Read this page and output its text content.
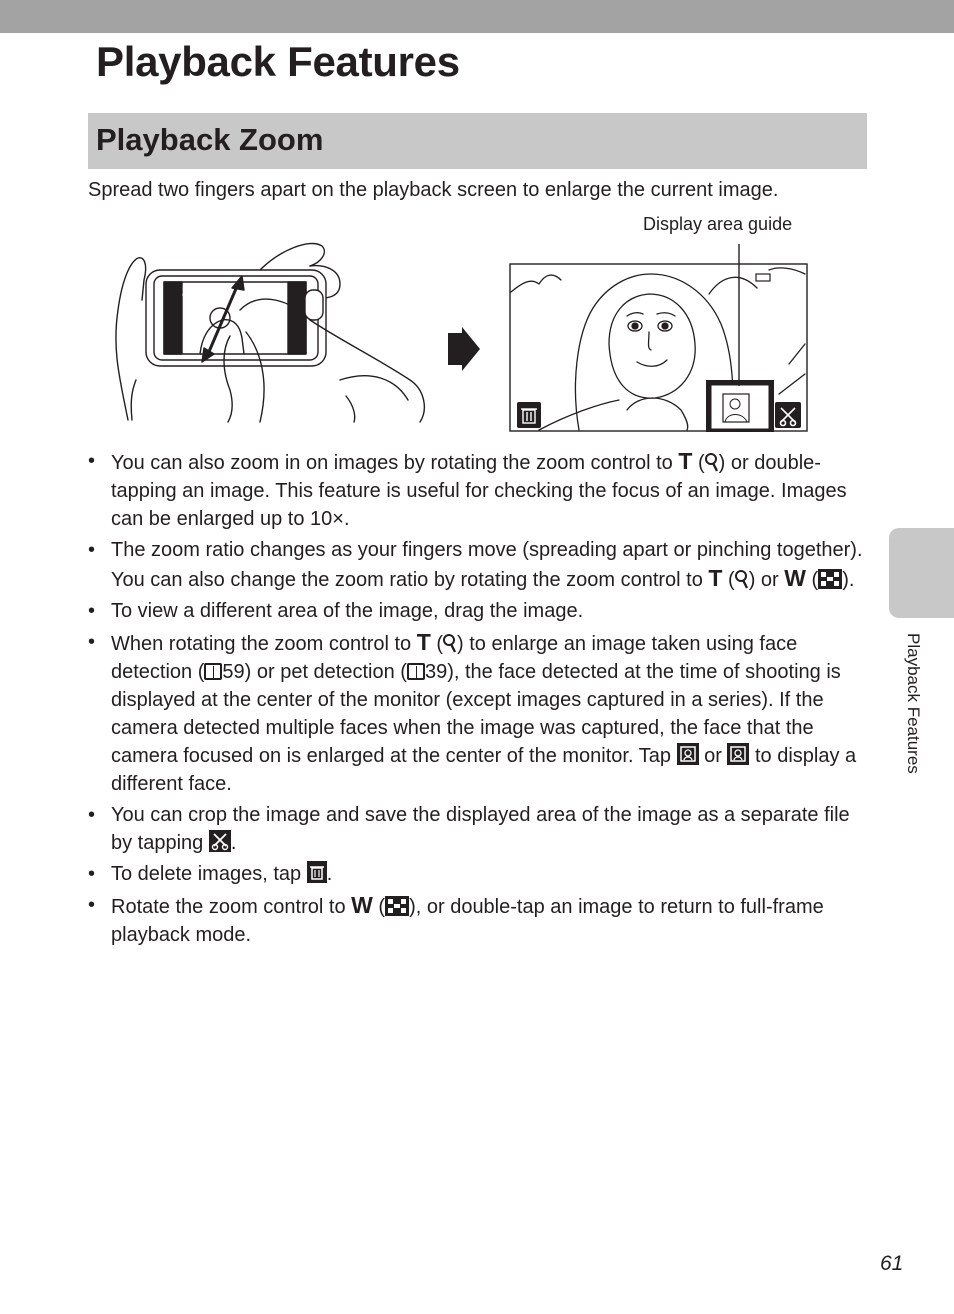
Playback Features
Playback Zoom

Spread two fingers apart on the playback screen to enlarge the current image.

Display area guide
15/11/2012 15:30
0004.JPG
• You can also zoom in on images by rotating the zoom control to T ( ) or double-tapping an image. This feature is useful for checking the focus of an image. Images can be enlarged up to 10×.
• The zoom ratio changes as your fingers move (spreading apart or pinching together). You can also change the zoom ratio by rotating the zoom control to T ( ) or W ( ).
• To view a different area of the image, drag the image.
• When rotating the zoom control to T ( ) to enlarge an image taken using face detection ( 59) or pet detection ( 39), the face detected at the time of shooting is displayed at the center of the monitor (except images captured in a series). If the camera detected multiple faces when the image was captured, the face that the camera focused on is enlarged at the center of the monitor. Tap  or  to display a different face.
• You can crop the image and save the displayed area of the image as a separate file by tapping .
• To delete images, tap .
• Rotate the zoom control to W ( ), or double-tap an image to return to full-frame playback mode.
Playback Features
61
